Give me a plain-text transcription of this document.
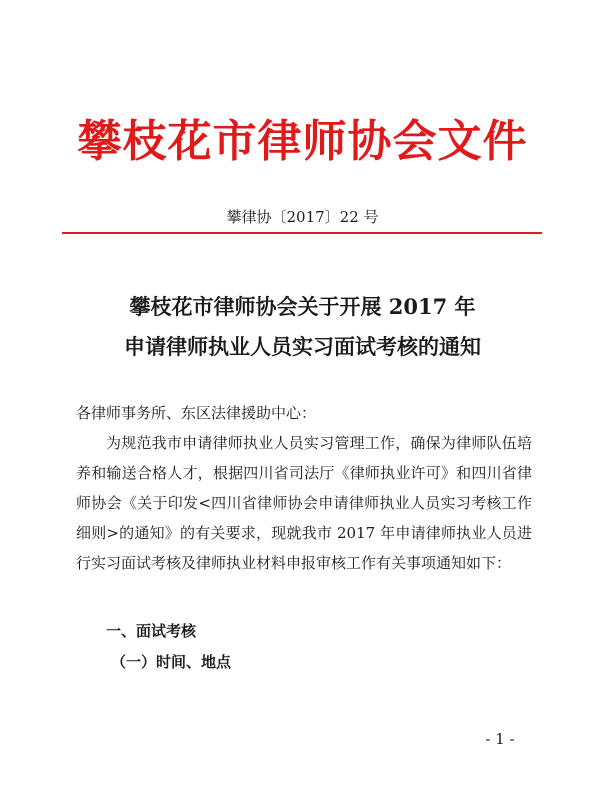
攀枝花市律师协会文件
攀律协〔2017〕22 号
攀枝花市律师协会关于开展 2017 年
申请律师执业人员实习面试考核的通知
各律师事务所、东区法律援助中心：
为规范我市申请律师执业人员实习管理工作，确保为律师队伍培养和输送合格人才，根据四川省司法厅《律师执业许可》和四川省律师协会《关于印发<四川省律师协会申请律师执业人员实习考核工作细则>的通知》的有关要求，现就我市 2017 年申请律师执业人员进行实习面试考核及律师执业材料申报审核工作有关事项通知如下：
一、面试考核
（一）时间、地点
- 1 -
